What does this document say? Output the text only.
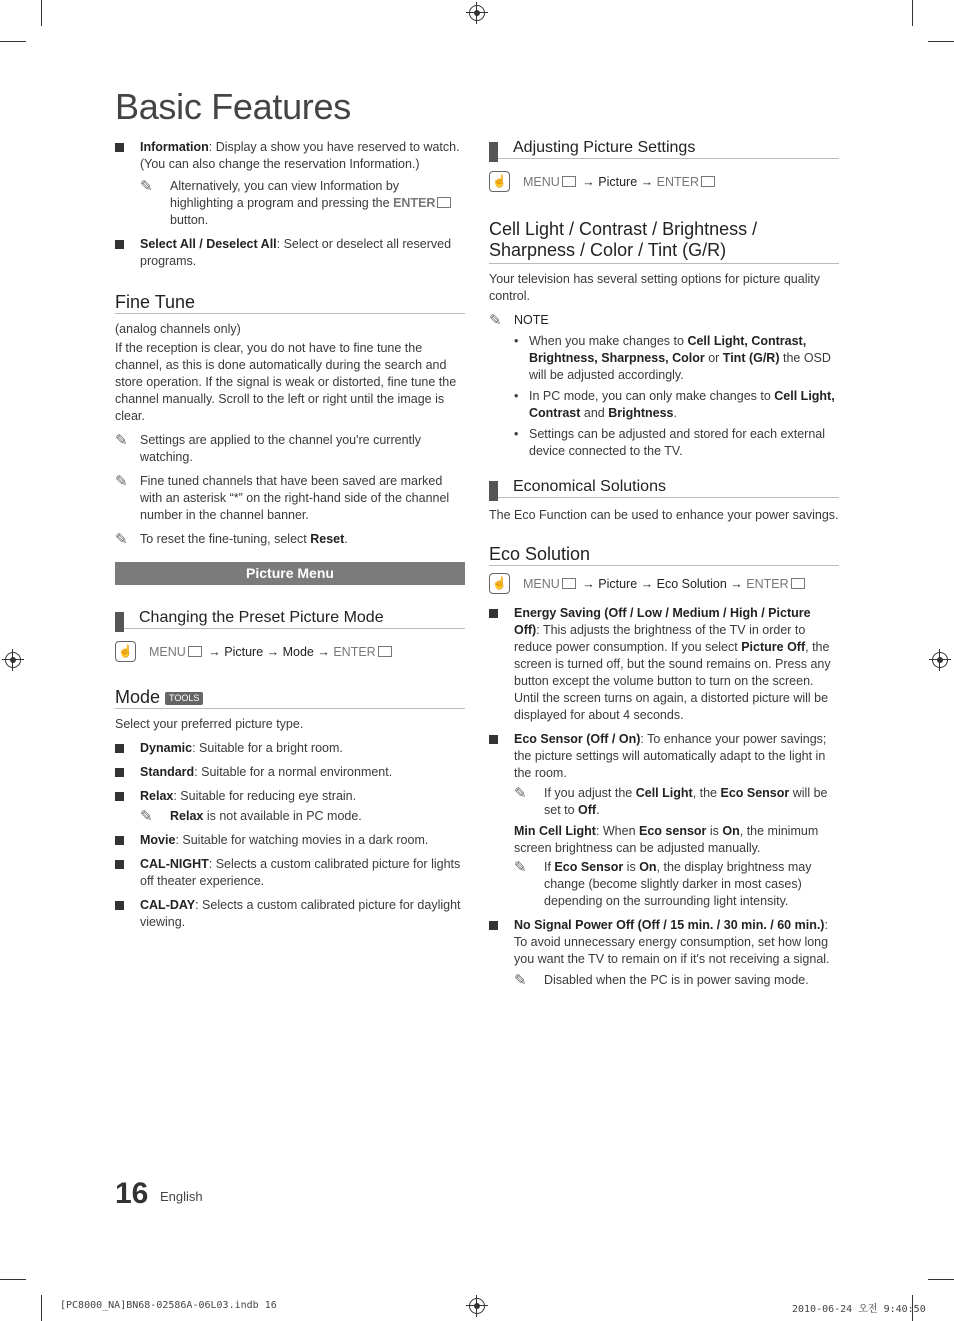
Basic Features

Information: Display a show you have reserved to watch. (You can also change the reservation Information.)

✎ Alternatively, you can view Information by highlighting a program and pressing the ENTER button.

Select All / Deselect All: Select or deselect all reserved programs.

Fine Tune

(analog channels only)

If the reception is clear, you do not have to fine tune the channel, as this is done automatically during the search and store operation. If the signal is weak or distorted, fine tune the channel manually. Scroll to the left or right until the image is clear.

✎ Settings are applied to the channel you're currently watching.

✎ Fine tuned channels that have been saved are marked with an asterisk “*” on the right-hand side of the channel number in the channel banner.

✎ To reset the fine-tuning, select Reset.

Picture Menu
Changing the Preset Picture Mode
☝ MENU → Picture → Mode → ENTER
Mode TOOLS

Select your preferred picture type.

Dynamic: Suitable for a bright room.

Standard: Suitable for a normal environment.

Relax: Suitable for reducing eye strain.

✎ Relax is not available in PC mode.

Movie: Suitable for watching movies in a dark room.

CAL-NIGHT: Selects a custom calibrated picture for lights off theater experience.

CAL-DAY: Selects a custom calibrated picture for daylight viewing.

Adjusting Picture Settings
☝ MENU → Picture → ENTER
Cell Light / Contrast / Brightness / Sharpness / Color / Tint (G/R)

Your television has several setting options for picture quality control.

✎ NOTE

• When you make changes to Cell Light, Contrast, Brightness, Sharpness, Color or Tint (G/R) the OSD will be adjusted accordingly.

• In PC mode, you can only make changes to Cell Light, Contrast and Brightness.

• Settings can be adjusted and stored for each external device connected to the TV.

Economical Solutions

The Eco Function can be used to enhance your power savings.

Eco Solution
☝ MENU → Picture → Eco Solution → ENTER

Energy Saving (Off / Low / Medium / High / Picture Off): This adjusts the brightness of the TV in order to reduce power consumption. If you select Picture Off, the screen is turned off, but the sound remains on. Press any button except the volume button to turn on the screen. Until the screen turns on again, a distorted picture will be displayed for about 4 seconds.

Eco Sensor (Off / On): To enhance your power savings; the picture settings will automatically adapt to the light in the room.

✎ If you adjust the Cell Light, the Eco Sensor will be set to Off.

Min Cell Light: When Eco sensor is On, the minimum screen brightness can be adjusted manually.

✎ If Eco Sensor is On, the display brightness may change (become slightly darker in most cases) depending on the surrounding light intensity.

No Signal Power Off (Off / 15 min. / 30 min. / 60 min.): To avoid unnecessary energy consumption, set how long you want the TV to remain on if it's not receiving a signal.

✎ Disabled when the PC is in power saving mode.

16 English
[PC8000_NA]BN68-02586A-06L03.indb 16	2010-06-24 오전 9:40:50
